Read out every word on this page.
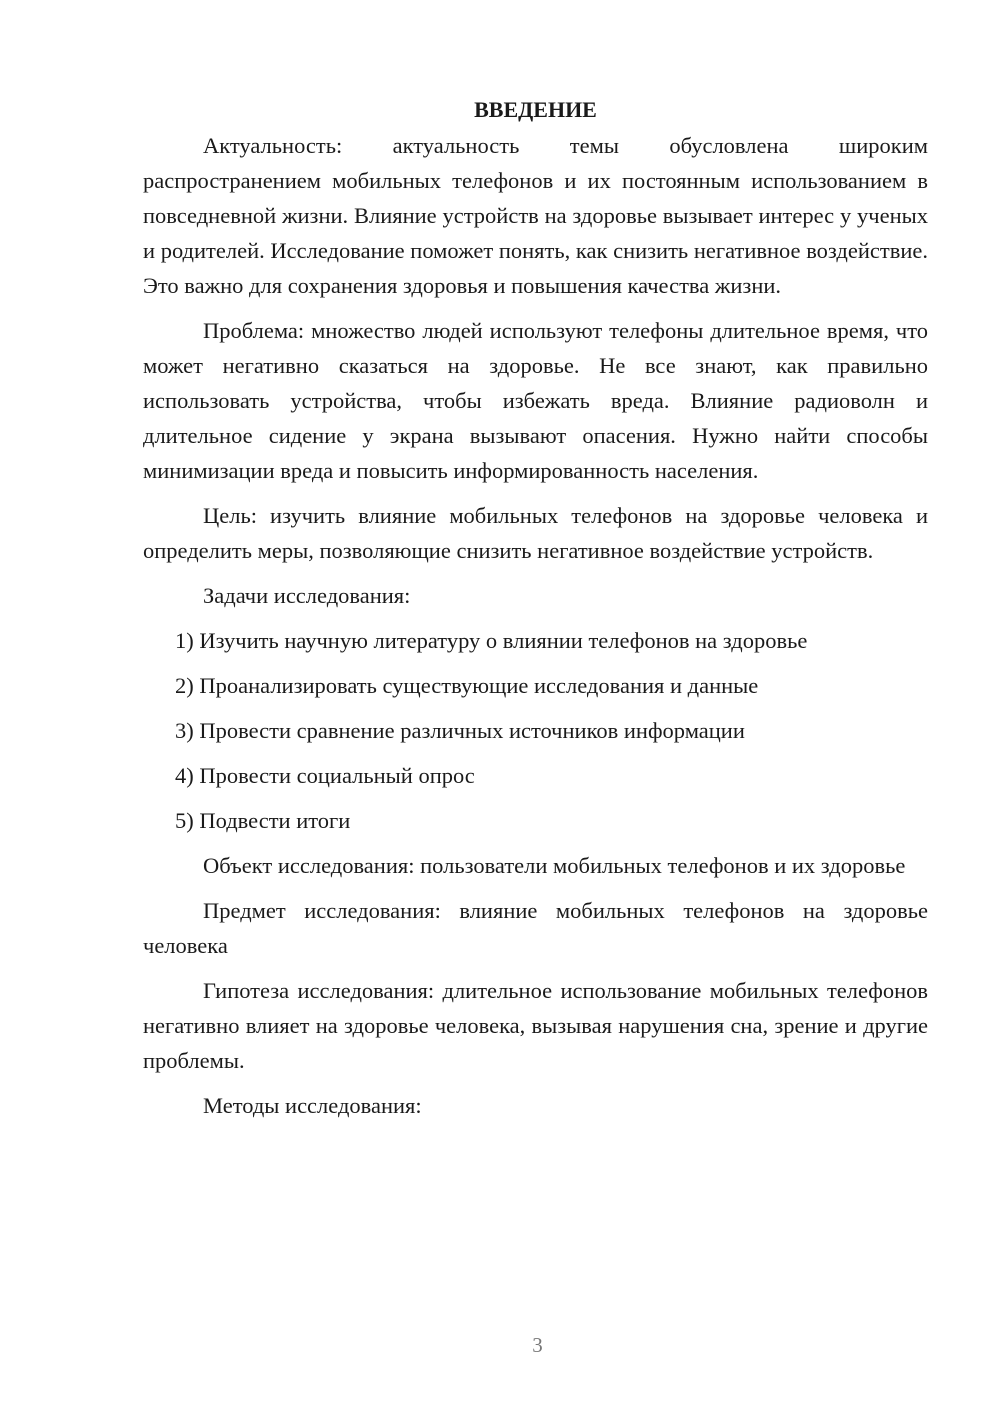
ВВЕДЕНИЕ

Актуальность: актуальность темы обусловлена широким распространением мобильных телефонов и их постоянным использованием в повседневной жизни. Влияние устройств на здоровье вызывает интерес у ученых и родителей. Исследование поможет понять, как снизить негативное воздействие. Это важно для сохранения здоровья и повышения качества жизни.

Проблема: множество людей используют телефоны длительное время, что может негативно сказаться на здоровье. Не все знают, как правильно использовать устройства, чтобы избежать вреда. Влияние радиоволн и длительное сидение у экрана вызывают опасения. Нужно найти способы минимизации вреда и повысить информированность населения.

Цель: изучить влияние мобильных телефонов на здоровье человека и определить меры, позволяющие снизить негативное воздействие устройств.

Задачи исследования:

1) Изучить научную литературу о влиянии телефонов на здоровье
2) Проанализировать существующие исследования и данные
3) Провести сравнение различных источников информации
4) Провести социальный опрос
5) Подвести итоги

Объект исследования: пользователи мобильных телефонов и их здоровье

Предмет исследования: влияние мобильных телефонов на здоровье человека

Гипотеза исследования: длительное использование мобильных телефонов негативно влияет на здоровье человека, вызывая нарушения сна, зрение и другие проблемы.

Методы исследования:

3
